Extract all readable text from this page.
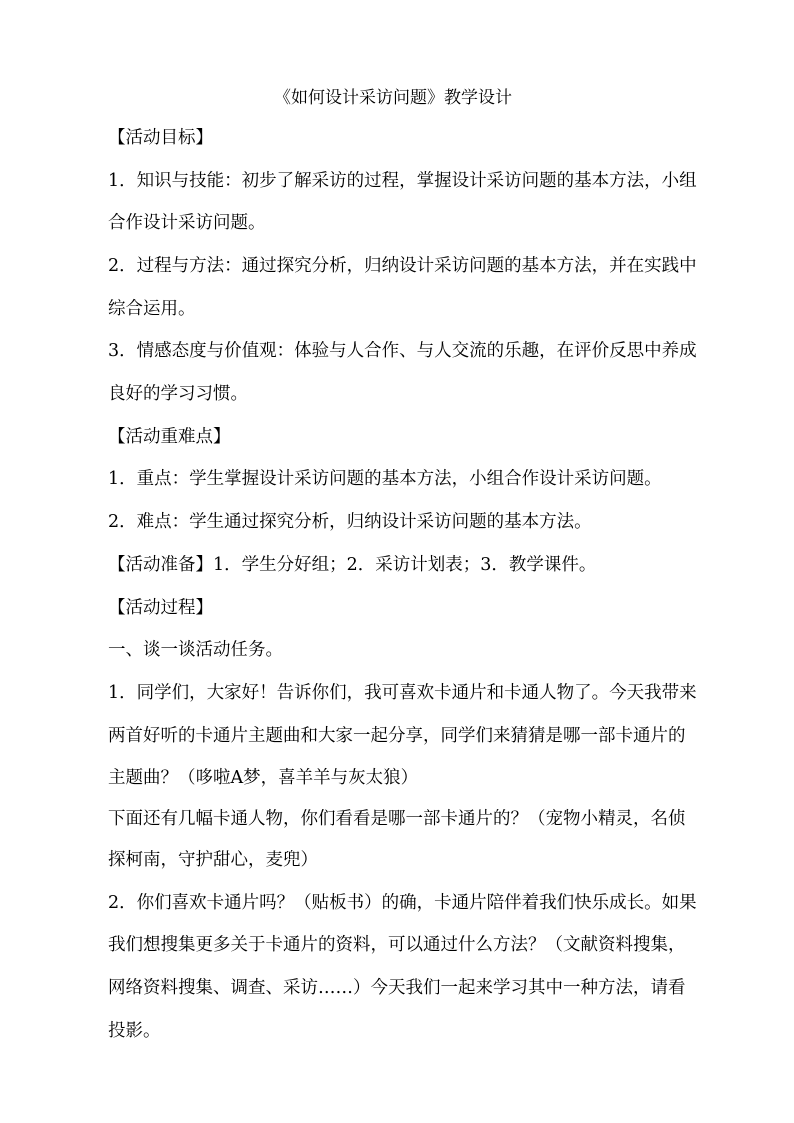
《如何设计采访问题》教学设计
【活动目标】
1．知识与技能：初步了解采访的过程，掌握设计采访问题的基本方法，小组
合作设计采访问题。
2．过程与方法：通过探究分析，归纳设计采访问题的基本方法，并在实践中
综合运用。
3．情感态度与价值观：体验与人合作、与人交流的乐趣，在评价反思中养成
良好的学习习惯。
【活动重难点】
1．重点：学生掌握设计采访问题的基本方法，小组合作设计采访问题。
2．难点：学生通过探究分析，归纳设计采访问题的基本方法。
【活动准备】1．学生分好组；2．采访计划表；3．教学课件。
【活动过程】
一、谈一谈活动任务。
1．同学们，大家好！告诉你们，我可喜欢卡通片和卡通人物了。今天我带来
两首好听的卡通片主题曲和大家一起分享，同学们来猜猜是哪一部卡通片的
主题曲？（哆啦A梦，喜羊羊与灰太狼）
下面还有几幅卡通人物，你们看看是哪一部卡通片的？（宠物小精灵，名侦
探柯南，守护甜心，麦兜）
2．你们喜欢卡通片吗？（贴板书）的确，卡通片陪伴着我们快乐成长。如果
我们想搜集更多关于卡通片的资料，可以通过什么方法？（文献资料搜集，
网络资料搜集、调查、采访……）今天我们一起来学习其中一种方法，请看
投影。
